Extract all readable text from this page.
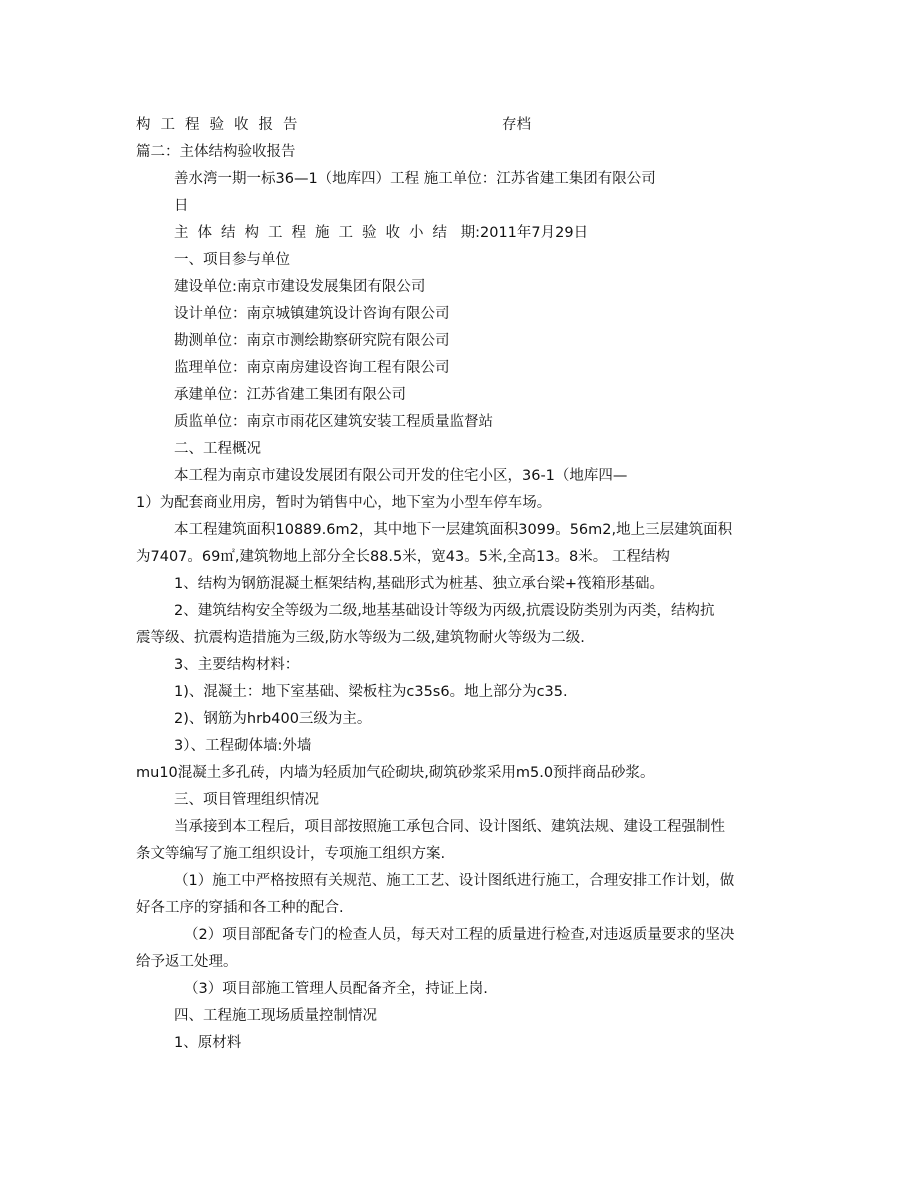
构工程验收报告	存档
篇二：主体结构验收报告
善水湾一期一标36—1（地库四）工程 施工单位：江苏省建工集团有限公司
日
主体结构工程施工验收小结 期:2011年7月29日
一、项目参与单位
建设单位:南京市建设发展集团有限公司
设计单位：南京城镇建筑设计咨询有限公司
勘测单位：南京市测绘勘察研究院有限公司
监理单位：南京南房建设咨询工程有限公司
承建单位：江苏省建工集团有限公司
质监单位：南京市雨花区建筑安装工程质量监督站
二、工程概况
本工程为南京市建设发展团有限公司开发的住宅小区，36-1（地库四—
1）为配套商业用房，暂时为销售中心，地下室为小型车停车场。
本工程建筑面积10889.6m2，其中地下一层建筑面积3099。56m2,地上三层建筑面积
为7407。69㎡,建筑物地上部分全长88.5米，宽43。5米,全高13。8米。 工程结构
1、结构为钢筋混凝土框架结构,基础形式为桩基、独立承台梁+筏箱形基础。
2、建筑结构安全等级为二级,地基基础设计等级为丙级,抗震设防类别为丙类，结构抗
震等级、抗震构造措施为三级,防水等级为二级,建筑物耐火等级为二级.
3、主要结构材料：
1)、混凝土：地下室基础、梁板柱为c35s6。地上部分为c35.
2)、钢筋为hrb400三级为主。
3）、工程砌体墙:外墙
mu10混凝土多孔砖，内墙为轻质加气砼砌块,砌筑砂浆采用m5.0预拌商品砂浆。
三、项目管理组织情况
当承接到本工程后，项目部按照施工承包合同、设计图纸、建筑法规、建设工程强制性
条文等编写了施工组织设计，专项施工组织方案.
（1）施工中严格按照有关规范、施工工艺、设计图纸进行施工，合理安排工作计划，做
好各工序的穿插和各工种的配合.
（2）项目部配备专门的检查人员，每天对工程的质量进行检查,对违返质量要求的坚决
给予返工处理。
（3）项目部施工管理人员配备齐全，持证上岗.
四、工程施工现场质量控制情况
1、原材料
